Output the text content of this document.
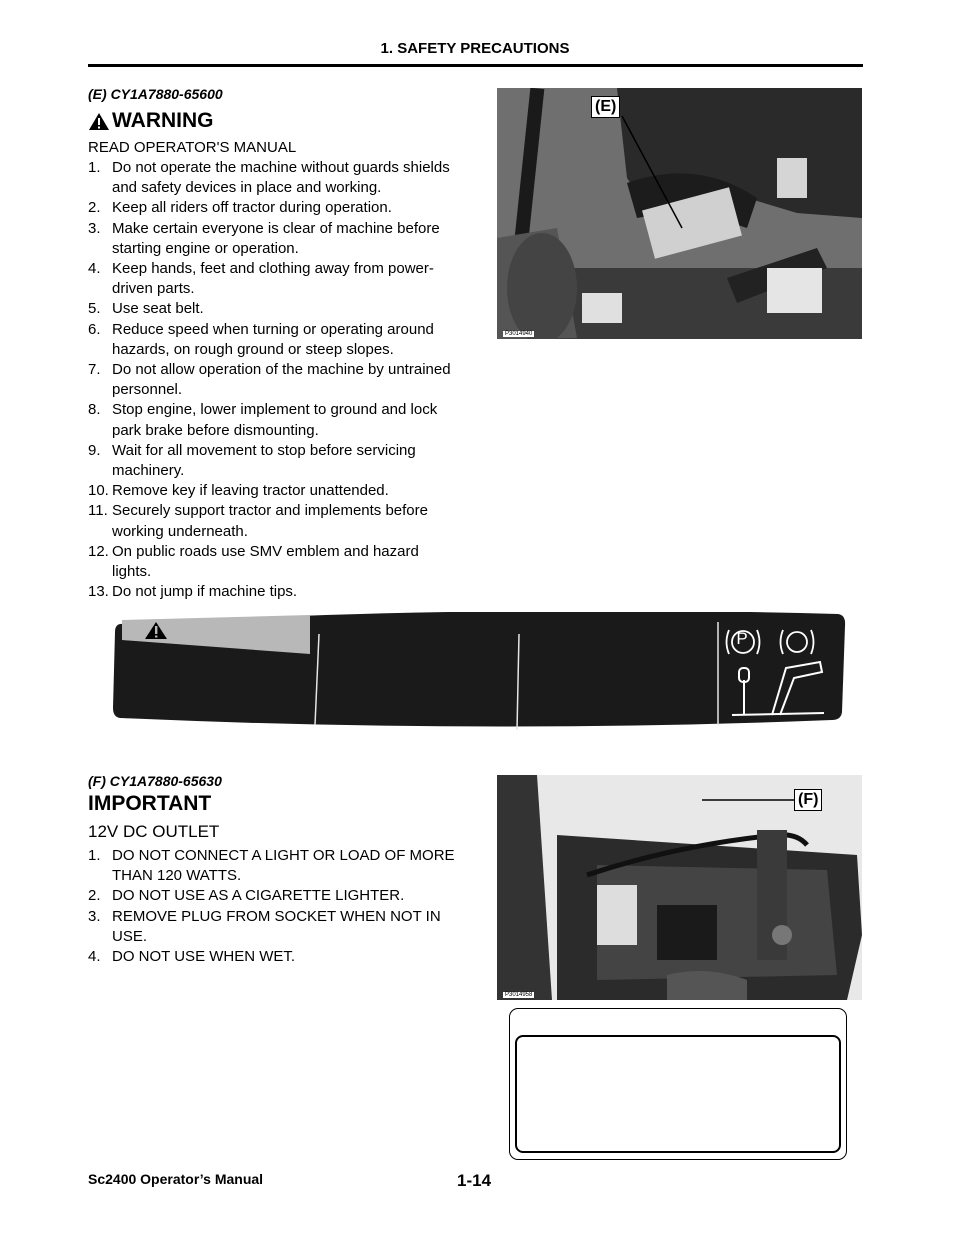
1. SAFETY PRECAUTIONS
(E) CY1A7880-65600
WARNING
READ OPERATOR'S MANUAL
1. Do not operate the machine without guards shields and safety devices in place and working.
2. Keep all riders off tractor during operation.
3. Make certain everyone is clear of machine before starting engine or operation.
4. Keep hands, feet and clothing away from power-driven parts.
5. Use seat belt.
6. Reduce speed when turning or operating around hazards, on rough ground or steep slopes.
7. Do not allow operation of the machine by untrained personnel.
8. Stop engine, lower implement to ground and lock park brake before dismounting.
9. Wait for all movement to stop before servicing machinery.
10. Remove key if leaving tractor unattended.
11. Securely support tractor and implements before working underneath.
12. On public roads use SMV emblem and hazard lights.
13. Do not jump if machine tips.
(E)
P3014940
P
(F) CY1A7880-65630
IMPORTANT
12V DC OUTLET
1. DO NOT CONNECT A LIGHT OR LOAD OF MORE THAN 120 WATTS.
2. DO NOT USE AS A CIGARETTE LIGHTER.
3. REMOVE PLUG FROM SOCKET WHEN NOT IN USE.
4. DO NOT USE WHEN WET.
(F)
P3014958
Sc2400 Operator’s Manual	1-14
